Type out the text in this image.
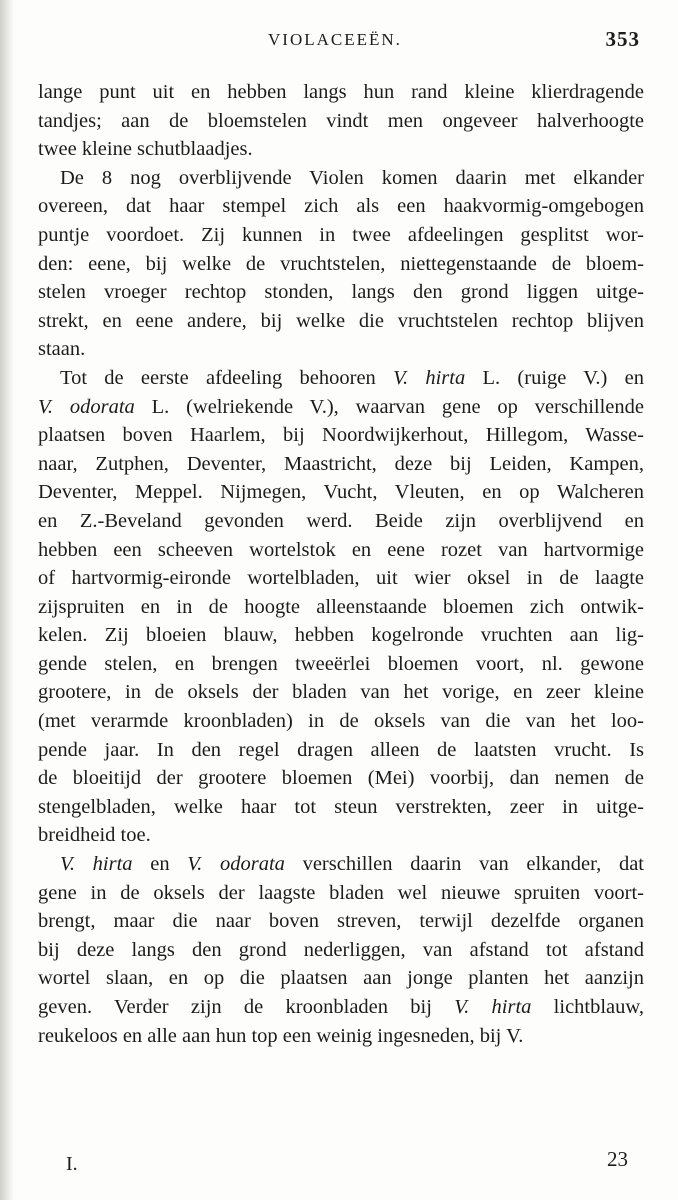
VIOLACEEËN.	353
lange punt uit en hebben langs hun rand kleine klierdragende
tandjes; aan de bloemstelen vindt men ongeveer halverhoogte
twee kleine schutblaadjes.
De 8 nog overblijvende Violen komen daarin met elkander
overeen, dat haar stempel zich als een haakvormig-omgebogen
puntje voordoet. Zij kunnen in twee afdeelingen gesplitst wor-
den: eene, bij welke de vruchtstelen, niettegenstaande de bloem-
stelen vroeger rechtop stonden, langs den grond liggen uitge-
strekt, en eene andere, bij welke die vruchtstelen rechtop blijven
staan.
Tot de eerste afdeeling behooren V. hirta L. (ruige V.) en
V. odorata L. (welriekende V.), waarvan gene op verschillende
plaatsen boven Haarlem, bij Noordwijkerhout, Hillegom, Wasse-
naar, Zutphen, Deventer, Maastricht, deze bij Leiden, Kampen,
Deventer, Meppel. Nijmegen, Vucht, Vleuten, en op Walcheren
en Z.-Beveland gevonden werd. Beide zijn overblijvend en
hebben een scheeven wortelstok en eene rozet van hartvormige
of hartvormig-eironde wortelbladen, uit wier oksel in de laagte
zijspruiten en in de hoogte alleenstaande bloemen zich ontwik-
kelen. Zij bloeien blauw, hebben kogelronde vruchten aan lig-
gende stelen, en brengen tweeërlei bloemen voort, nl. gewone
grootere, in de oksels der bladen van het vorige, en zeer kleine
(met verarmde kroonbladen) in de oksels van die van het loo-
pende jaar. In den regel dragen alleen de laatsten vrucht. Is
de bloeitijd der grootere bloemen (Mei) voorbij, dan nemen de
stengelbladen, welke haar tot steun verstrekten, zeer in uitge-
breidheid toe.
V. hirta en V. odorata verschillen daarin van elkander, dat
gene in de oksels der laagste bladen wel nieuwe spruiten voort-
brengt, maar die naar boven streven, terwijl dezelfde organen
bij deze langs den grond nederliggen, van afstand tot afstand
wortel slaan, en op die plaatsen aan jonge planten het aanzijn
geven. Verder zijn de kroonbladen bij V. hirta lichtblauw,
reukeloos en alle aan hun top een weinig ingesneden, bij V.
I.	23
